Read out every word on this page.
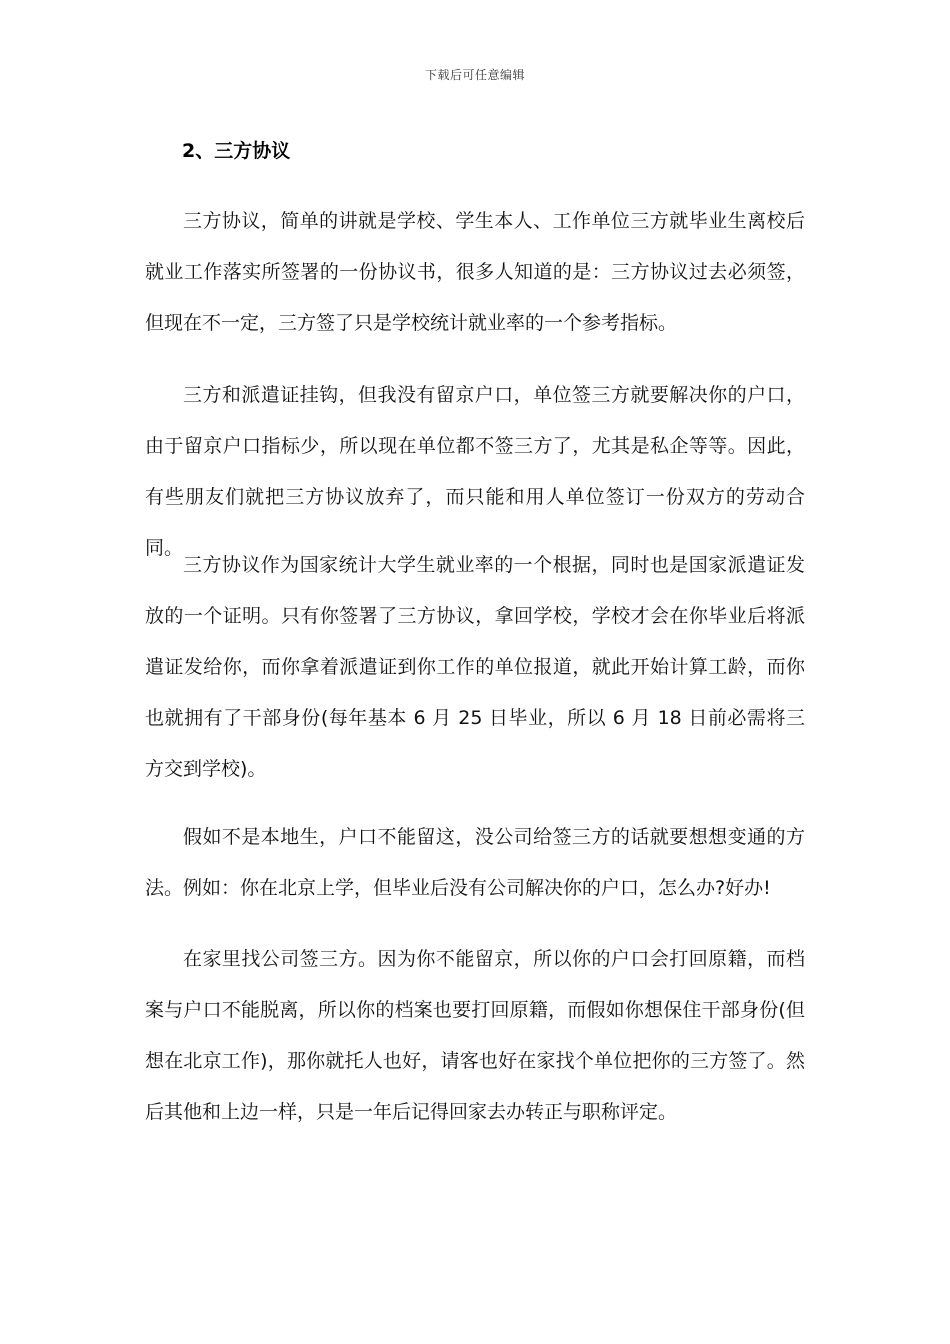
下载后可任意编辑
2、三方协议

三方协议，简单的讲就是学校、学生本人、工作单位三方就毕业生离校后就业工作落实所签署的一份协议书，很多人知道的是：三方协议过去必须签，但现在不一定，三方签了只是学校统计就业率的一个参考指标。

三方和派遣证挂钩，但我没有留京户口，单位签三方就要解决你的户口，由于留京户口指标少，所以现在单位都不签三方了，尤其是私企等等。因此，有些朋友们就把三方协议放弃了，而只能和用人单位签订一份双方的劳动合同。

三方协议作为国家统计大学生就业率的一个根据，同时也是国家派遣证发放的一个证明。只有你签署了三方协议，拿回学校，学校才会在你毕业后将派遣证发给你，而你拿着派遣证到你工作的单位报道，就此开始计算工龄，而你也就拥有了干部身份(每年基本 6 月 25 日毕业，所以 6 月 18 日前必需将三方交到学校)。

假如不是本地生，户口不能留这，没公司给签三方的话就要想想变通的方法。例如：你在北京上学，但毕业后没有公司解决你的户口，怎么办?好办!

在家里找公司签三方。因为你不能留京，所以你的户口会打回原籍，而档案与户口不能脱离，所以你的档案也要打回原籍，而假如你想保住干部身份(但想在北京工作)，那你就托人也好，请客也好在家找个单位把你的三方签了。然后其他和上边一样，只是一年后记得回家去办转正与职称评定。
